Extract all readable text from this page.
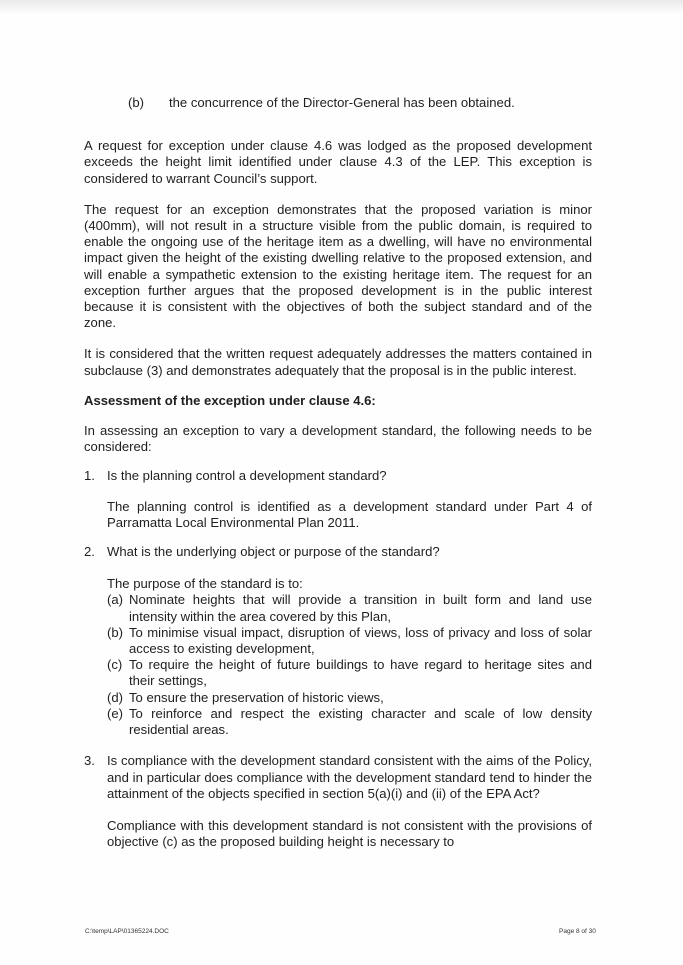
(b)	the concurrence of the Director-General has been obtained.

A request for exception under clause 4.6 was lodged as the proposed development exceeds the height limit identified under clause 4.3 of the LEP. This exception is considered to warrant Council’s support.

The request for an exception demonstrates that the proposed variation is minor (400mm), will not result in a structure visible from the public domain, is required to enable the ongoing use of the heritage item as a dwelling, will have no environmental impact given the height of the existing dwelling relative to the proposed extension, and will enable a sympathetic extension to the existing heritage item. The request for an exception further argues that the proposed development is in the public interest because it is consistent with the objectives of both the subject standard and of the zone.

It is considered that the written request adequately addresses the matters contained in subclause (3) and demonstrates adequately that the proposal is in the public interest.

Assessment of the exception under clause 4.6:

In assessing an exception to vary a development standard, the following needs to be considered:

1. Is the planning control a development standard?

The planning control is identified as a development standard under Part 4 of Parramatta Local Environmental Plan 2011.

2. What is the underlying object or purpose of the standard?

The purpose of the standard is to:

(a) Nominate heights that will provide a transition in built form and land use intensity within the area covered by this Plan,
(b) To minimise visual impact, disruption of views, loss of privacy and loss of solar access to existing development,
(c) To require the height of future buildings to have regard to heritage sites and their settings,
(d) To ensure the preservation of historic views,
(e) To reinforce and respect the existing character and scale of low density residential areas.
3. Is compliance with the development standard consistent with the aims of the Policy, and in particular does compliance with the development standard tend to hinder the attainment of the objects specified in section 5(a)(i) and (ii) of the EPA Act?

Compliance with this development standard is not consistent with the provisions of objective (c) as the proposed building height is necessary to

C:\temp\LAP\01365224.DOC	Page 8 of 30
